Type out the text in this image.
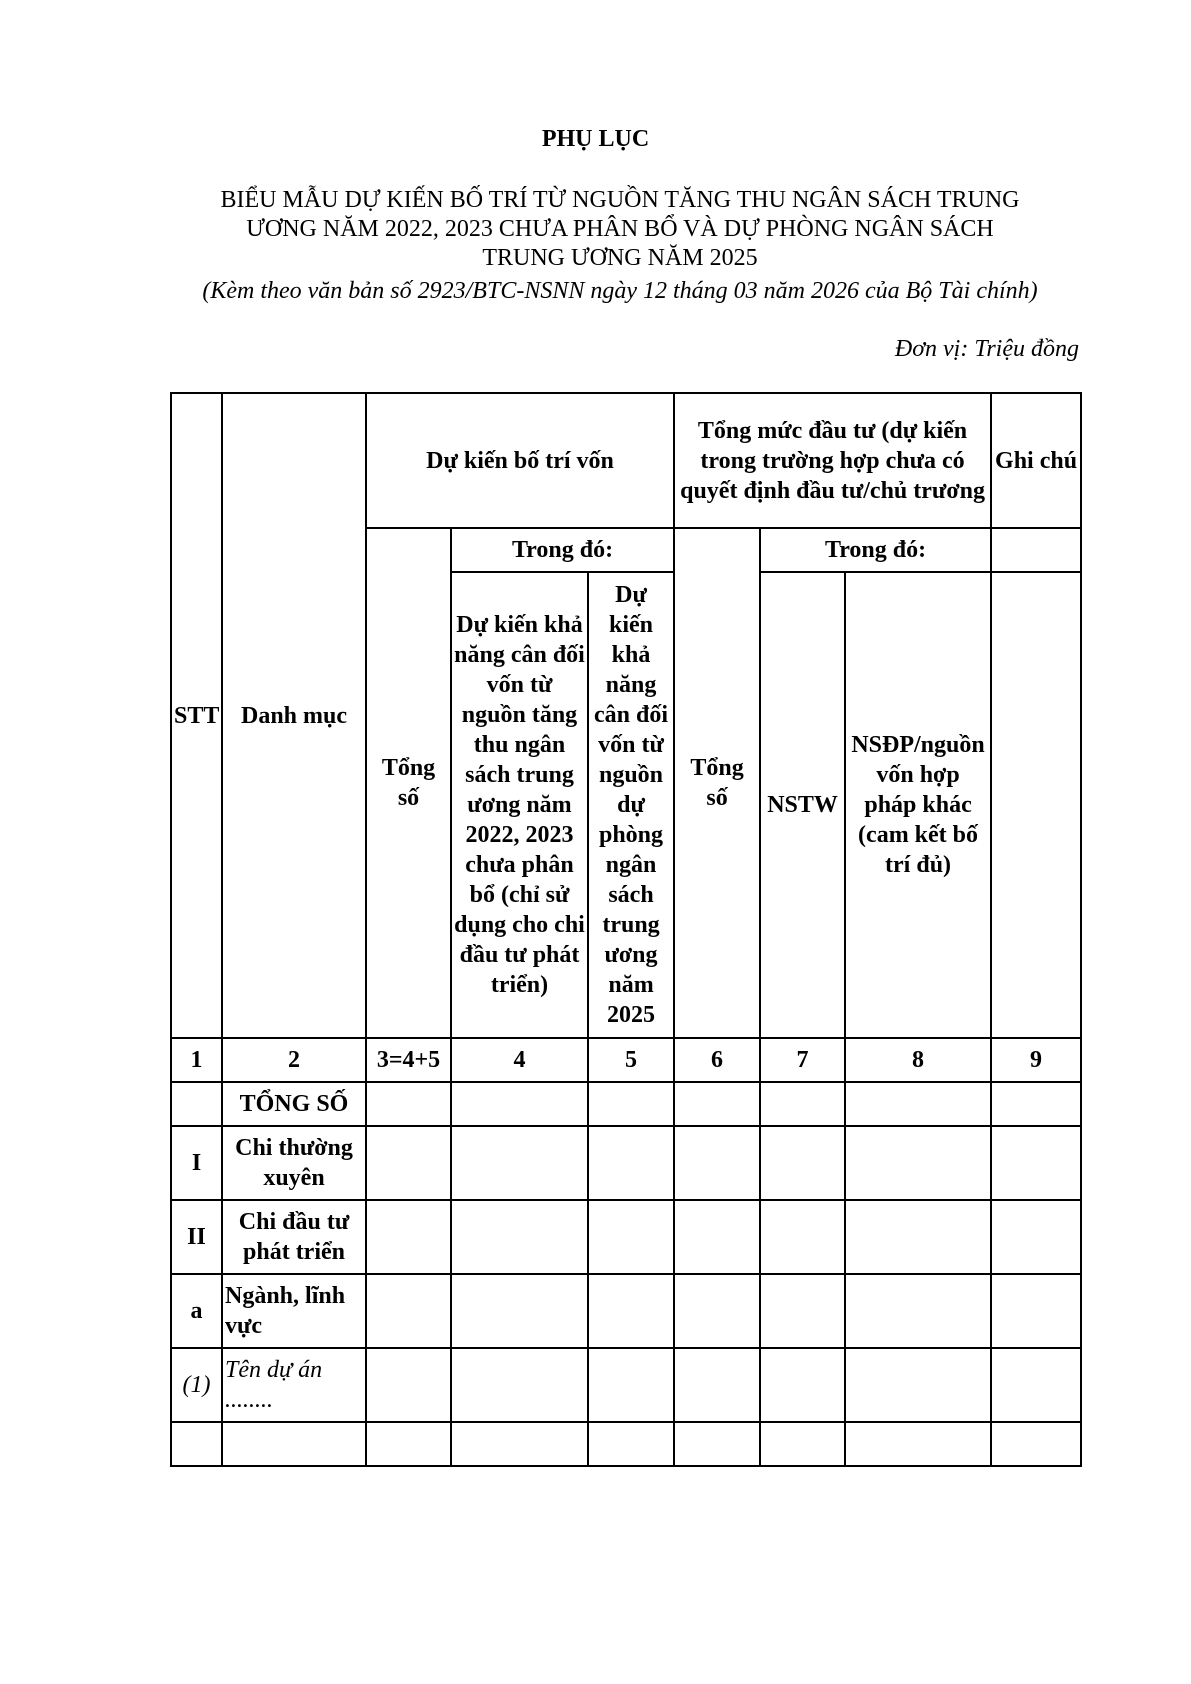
PHỤ LỤC
BIỂU MẪU DỰ KIẾN BỐ TRÍ TỪ NGUỒN TĂNG THU NGÂN SÁCH TRUNG
ƯƠNG NĂM 2022, 2023 CHƯA PHÂN BỔ VÀ DỰ PHÒNG NGÂN SÁCH
TRUNG ƯƠNG NĂM 2025
(Kèm theo văn bản số 2923/BTC-NSNN ngày 12 tháng 03 năm 2026 của Bộ Tài chính)
Đơn vị: Triệu đồng
STT	Danh mục	Dự kiến bố trí vốn			Tổng mức đầu tư (dự kiến trong trường hợp chưa có quyết định đầu tư/chủ trương			Ghi chú
		Tổng số	Trong đó:		Tổng số	Trong đó:		
			Dự kiến khả năng cân đối vốn từ nguồn tăng thu ngân sách trung ương năm 2022, 2023 chưa phân bổ (chỉ sử dụng cho chi đầu tư phát triển)	Dự kiến khả năng cân đối vốn từ nguồn dự phòng ngân sách trung ương năm 2025		NSTW	NSĐP/nguồn vốn hợp pháp khác (cam kết bố trí đủ)	
1	2	3=4+5	4	5	6	7	8	9
	TỔNG SỐ							
I	Chi thường xuyên							
II	Chi đầu tư phát triển							
a	Ngành, lĩnh vực							
(1)	Tên dự án ........							
